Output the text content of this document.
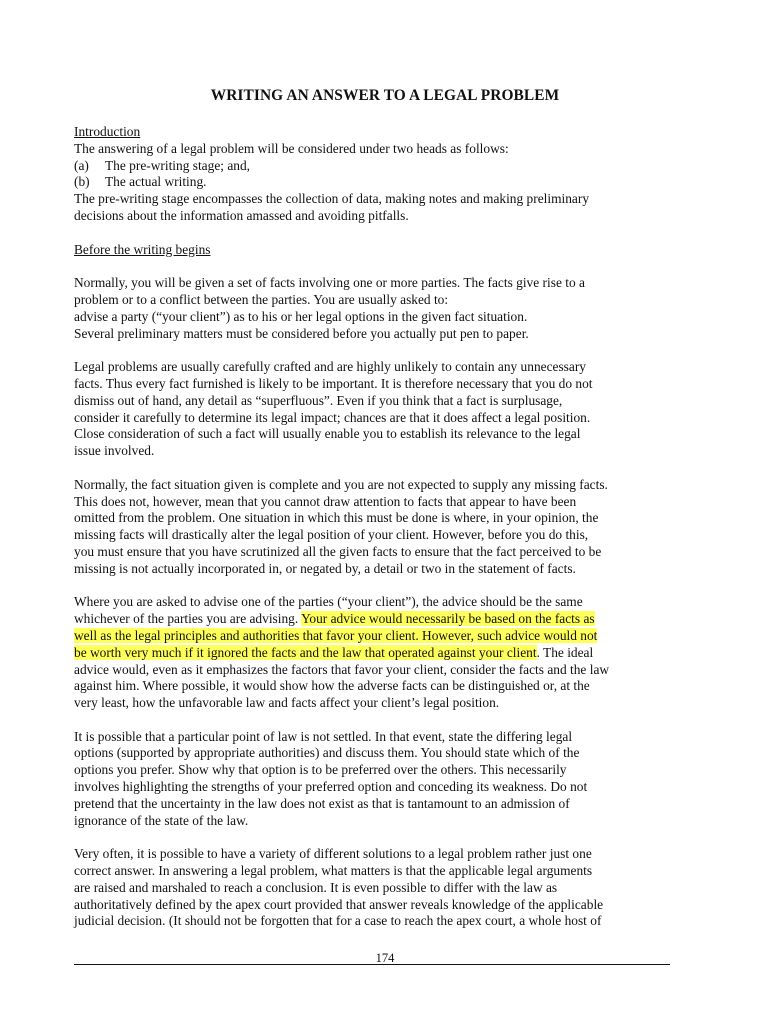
WRITING AN ANSWER TO A LEGAL PROBLEM
Introduction
The answering of a legal problem will be considered under two heads as follows:
(a)	The pre-writing stage; and,
(b)	The actual writing.
The pre-writing stage encompasses the collection of data, making notes and making preliminary
decisions about the information amassed and avoiding pitfalls.
Before the writing begins
Normally, you will be given a set of facts involving one or more parties. The facts give rise to a
problem or to a conflict between the parties. You are usually asked to:
advise a party (“your client”) as to his or her legal options in the given fact situation.
Several preliminary matters must be considered before you actually put pen to paper.
Legal problems are usually carefully crafted and are highly unlikely to contain any unnecessary
facts. Thus every fact furnished is likely to be important. It is therefore necessary that you do not
dismiss out of hand, any detail as “superfluous”. Even if you think that a fact is surplusage,
consider it carefully to determine its legal impact; chances are that it does affect a legal position.
Close consideration of such a fact will usually enable you to establish its relevance to the legal
issue involved.
Normally, the fact situation given is complete and you are not expected to supply any missing facts.
This does not, however, mean that you cannot draw attention to facts that appear to have been
omitted from the problem. One situation in which this must be done is where, in your opinion, the
missing facts will drastically alter the legal position of your client. However, before you do this,
you must ensure that you have scrutinized all the given facts to ensure that the fact perceived to be
missing is not actually incorporated in, or negated by, a detail or two in the statement of facts.
Where you are asked to advise one of the parties (“your client”), the advice should be the same
whichever of the parties you are advising. Your advice would necessarily be based on the facts as
well as the legal principles and authorities that favor your client. However, such advice would not
be worth very much if it ignored the facts and the law that operated against your client. The ideal
advice would, even as it emphasizes the factors that favor your client, consider the facts and the law
against him. Where possible, it would show how the adverse facts can be distinguished or, at the
very least, how the unfavorable law and facts affect your client’s legal position.
It is possible that a particular point of law is not settled. In that event, state the differing legal
options (supported by appropriate authorities) and discuss them. You should state which of the
options you prefer. Show why that option is to be preferred over the others. This necessarily
involves highlighting the strengths of your preferred option and conceding its weakness. Do not
pretend that the uncertainty in the law does not exist as that is tantamount to an admission of
ignorance of the state of the law.
Very often, it is possible to have a variety of different solutions to a legal problem rather just one
correct answer. In answering a legal problem, what matters is that the applicable legal arguments
are raised and marshaled to reach a conclusion. It is even possible to differ with the law as
authoritatively defined by the apex court provided that answer reveals knowledge of the applicable
judicial decision. (It should not be forgotten that for a case to reach the apex court, a whole host of
174
